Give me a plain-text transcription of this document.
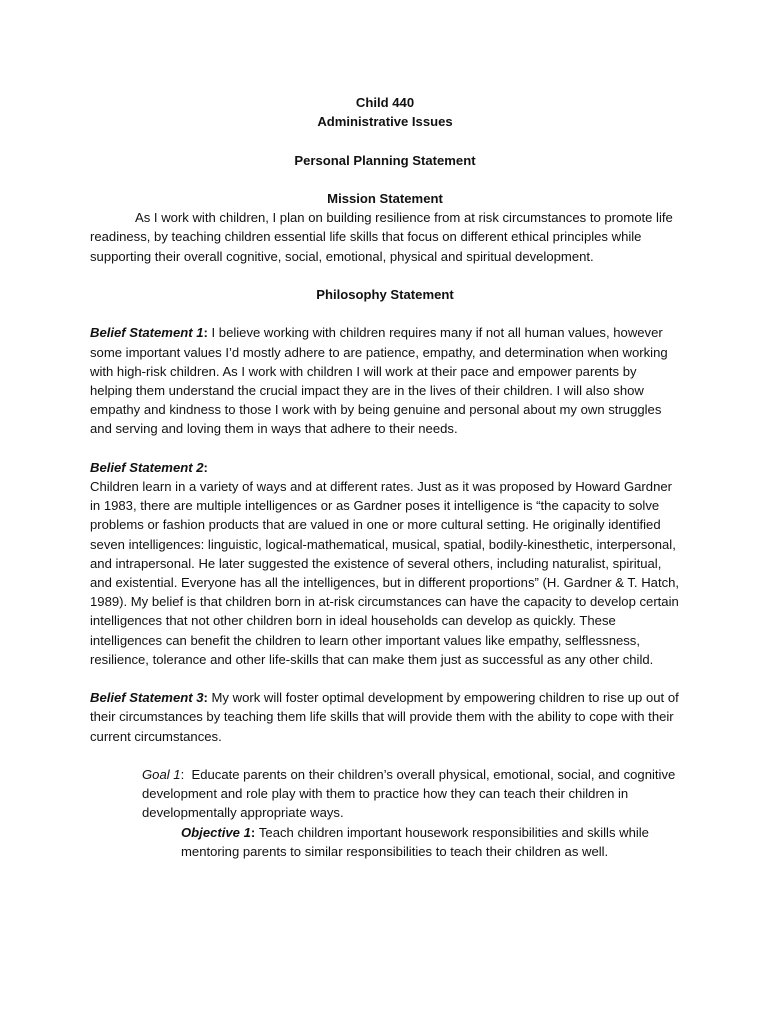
Child 440

Administrative Issues

Personal Planning Statement

Mission Statement

As I work with children, I plan on building resilience from at risk circumstances to promote life readiness, by teaching children essential life skills that focus on different ethical principles while supporting their overall cognitive, social, emotional, physical and spiritual development.

Philosophy Statement

Belief Statement 1: I believe working with children requires many if not all human values, however some important values I’d mostly adhere to are patience, empathy, and determination when working with high-risk children. As I work with children I will work at their pace and empower parents by helping them understand the crucial impact they are in the lives of their children. I will also show empathy and kindness to those I work with by being genuine and personal about my own struggles and serving and loving them in ways that adhere to their needs.

Belief Statement 2:

Children learn in a variety of ways and at different rates. Just as it was proposed by Howard Gardner in 1983, there are multiple intelligences or as Gardner poses it intelligence is “the capacity to solve problems or fashion products that are valued in one or more cultural setting. He originally identified seven intelligences: linguistic, logical-mathematical, musical, spatial, bodily-kinesthetic, interpersonal, and intrapersonal. He later suggested the existence of several others, including naturalist, spiritual, and existential. Everyone has all the intelligences, but in different proportions” (H. Gardner & T. Hatch, 1989). My belief is that children born in at-risk circumstances can have the capacity to develop certain intelligences that not other children born in ideal households can develop as quickly. These intelligences can benefit the children to learn other important values like empathy, selflessness, resilience, tolerance and other life-skills that can make them just as successful as any other child.

Belief Statement 3: My work will foster optimal development by empowering children to rise up out of their circumstances by teaching them life skills that will provide them with the ability to cope with their current circumstances.

Goal 1:  Educate parents on their children’s overall physical, emotional, social, and cognitive development and role play with them to practice how they can teach their children in developmentally appropriate ways.

Objective 1: Teach children important housework responsibilities and skills while mentoring parents to similar responsibilities to teach their children as well.
